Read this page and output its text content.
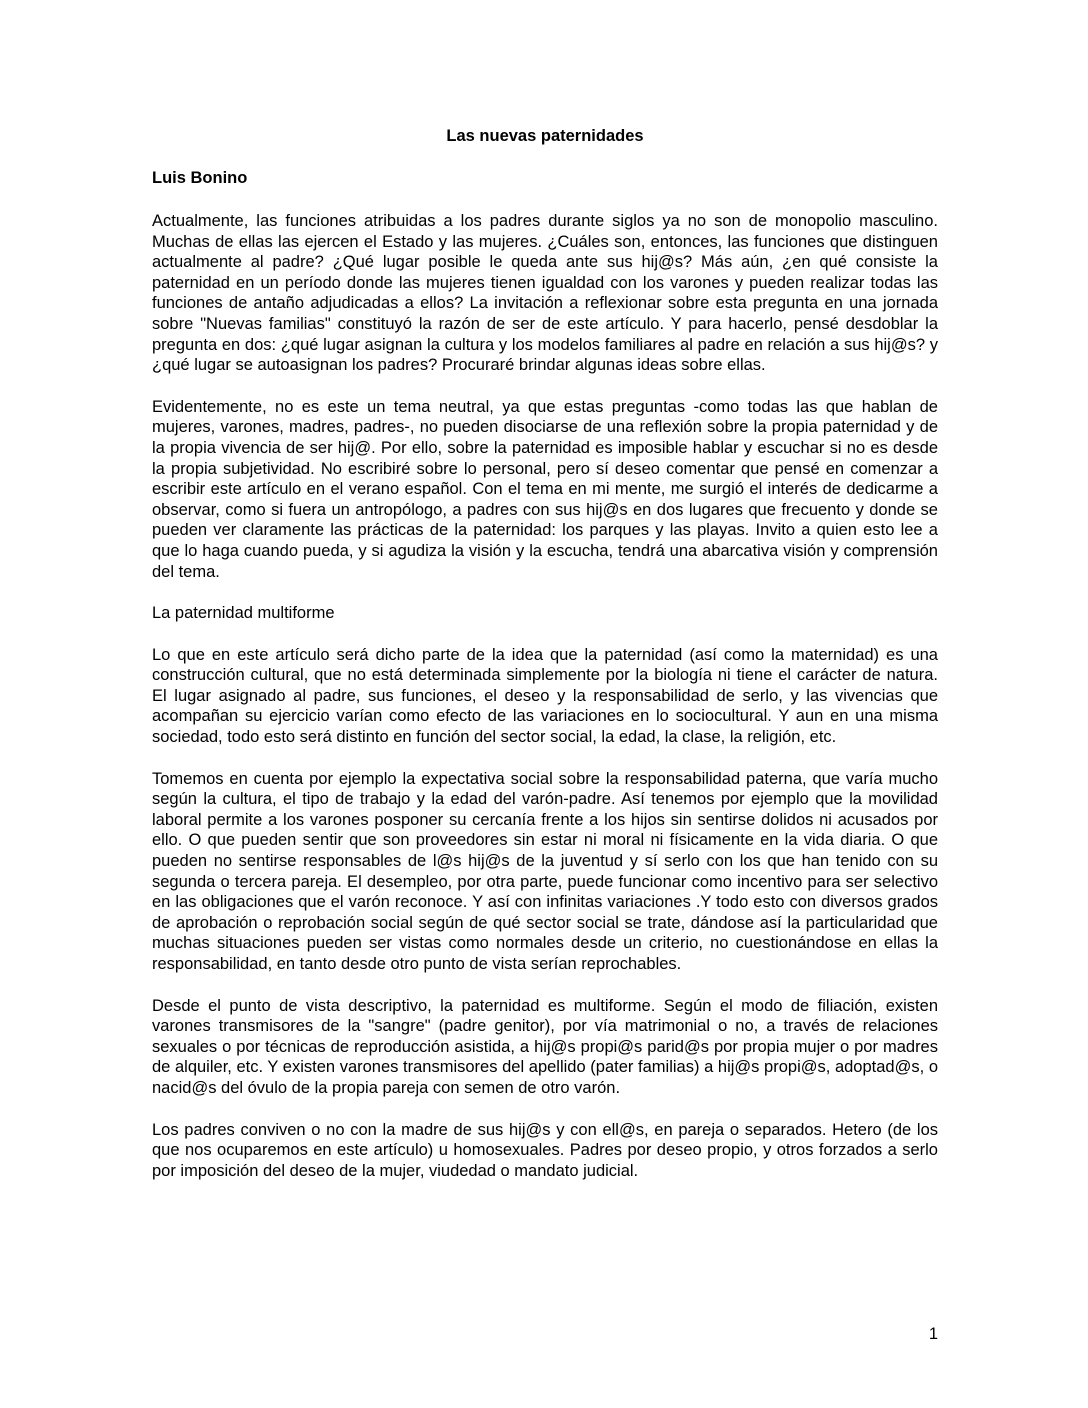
Las nuevas paternidades
Luis Bonino

Actualmente, las funciones atribuidas a los padres durante siglos ya no son de monopolio masculino. Muchas de ellas las ejercen el Estado y las mujeres. ¿Cuáles son, entonces, las funciones que distinguen actualmente al padre? ¿Qué lugar posible le queda ante sus hij@s? Más aún, ¿en qué consiste la paternidad en un período donde las mujeres tienen igualdad con los varones y pueden realizar todas las funciones de antaño adjudicadas a ellos? La invitación a reflexionar sobre esta pregunta en una jornada sobre "Nuevas familias" constituyó la razón de ser de este artículo. Y para hacerlo, pensé desdoblar la pregunta en dos: ¿qué lugar asignan la cultura y los modelos familiares al padre en relación a sus hij@s? y ¿qué lugar se autoasignan los padres? Procuraré brindar algunas ideas sobre ellas.

Evidentemente, no es este un tema neutral, ya que estas preguntas -como todas las que hablan de mujeres, varones, madres, padres-, no pueden disociarse de una reflexión sobre la propia paternidad y de la propia vivencia de ser hij@. Por ello, sobre la paternidad es imposible hablar y escuchar si no es desde la propia subjetividad. No escribiré sobre lo personal, pero sí deseo comentar que pensé en comenzar a escribir este artículo en el verano español. Con el tema en mi mente, me surgió el interés de dedicarme a observar, como si fuera un antropólogo, a padres con sus hij@s en dos lugares que frecuento y donde se pueden ver claramente las prácticas de la paternidad: los parques y las playas. Invito a quien esto lee a que lo haga cuando pueda, y si agudiza la visión y la escucha, tendrá una abarcativa visión y comprensión del tema.

La paternidad multiforme

Lo que en este artículo será dicho parte de la idea que la paternidad (así como la maternidad) es una construcción cultural, que no está determinada simplemente por la biología ni tiene el carácter de natura. El lugar asignado al padre, sus funciones, el deseo y la responsabilidad de serlo, y las vivencias que acompañan su ejercicio varían como efecto de las variaciones en lo sociocultural. Y aun en una misma sociedad, todo esto será distinto en función del sector social, la edad, la clase, la religión, etc.

Tomemos en cuenta por ejemplo la expectativa social sobre la responsabilidad paterna, que varía mucho según la cultura, el tipo de trabajo y la edad del varón-padre. Así tenemos por ejemplo que la movilidad laboral permite a los varones posponer su cercanía frente a los hijos sin sentirse dolidos ni acusados por ello. O que pueden sentir que son proveedores sin estar ni moral ni físicamente en la vida diaria. O que pueden no sentirse responsables de l@s hij@s de la juventud y sí serlo con los que han tenido con su segunda o tercera pareja. El desempleo, por otra parte, puede funcionar como incentivo para ser selectivo en las obligaciones que el varón reconoce. Y así con infinitas variaciones .Y todo esto con diversos grados de aprobación o reprobación social según de qué sector social se trate, dándose así la particularidad que muchas situaciones pueden ser vistas como normales desde un criterio, no cuestionándose en ellas la responsabilidad, en tanto desde otro punto de vista serían reprochables.

Desde el punto de vista descriptivo, la paternidad es multiforme. Según el modo de filiación, existen varones transmisores de la "sangre" (padre genitor), por vía matrimonial o no, a través de relaciones sexuales o por técnicas de reproducción asistida, a hij@s propi@s parid@s por propia mujer o por madres de alquiler, etc. Y existen varones transmisores del apellido (pater familias) a hij@s propi@s, adoptad@s, o nacid@s del óvulo de la propia pareja con semen de otro varón.

Los padres conviven o no con la madre de sus hij@s y con ell@s, en pareja o separados. Hetero (de los que nos ocuparemos en este artículo) u homosexuales. Padres por deseo propio, y otros forzados a serlo por imposición del deseo de la mujer, viudedad o mandato judicial.

1
